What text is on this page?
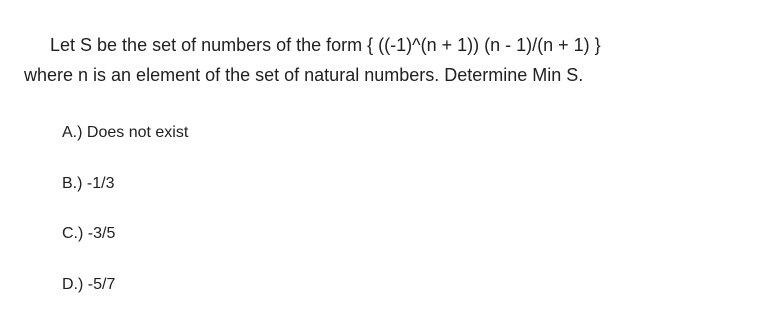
Let S be the set of numbers of the form { ((-1)^(n + 1)) (n - 1)/(n + 1) }
where n is an element of the set of natural numbers. Determine Min S.
A.) Does not exist
B.) -1/3
C.) -3/5
D.) -5/7
